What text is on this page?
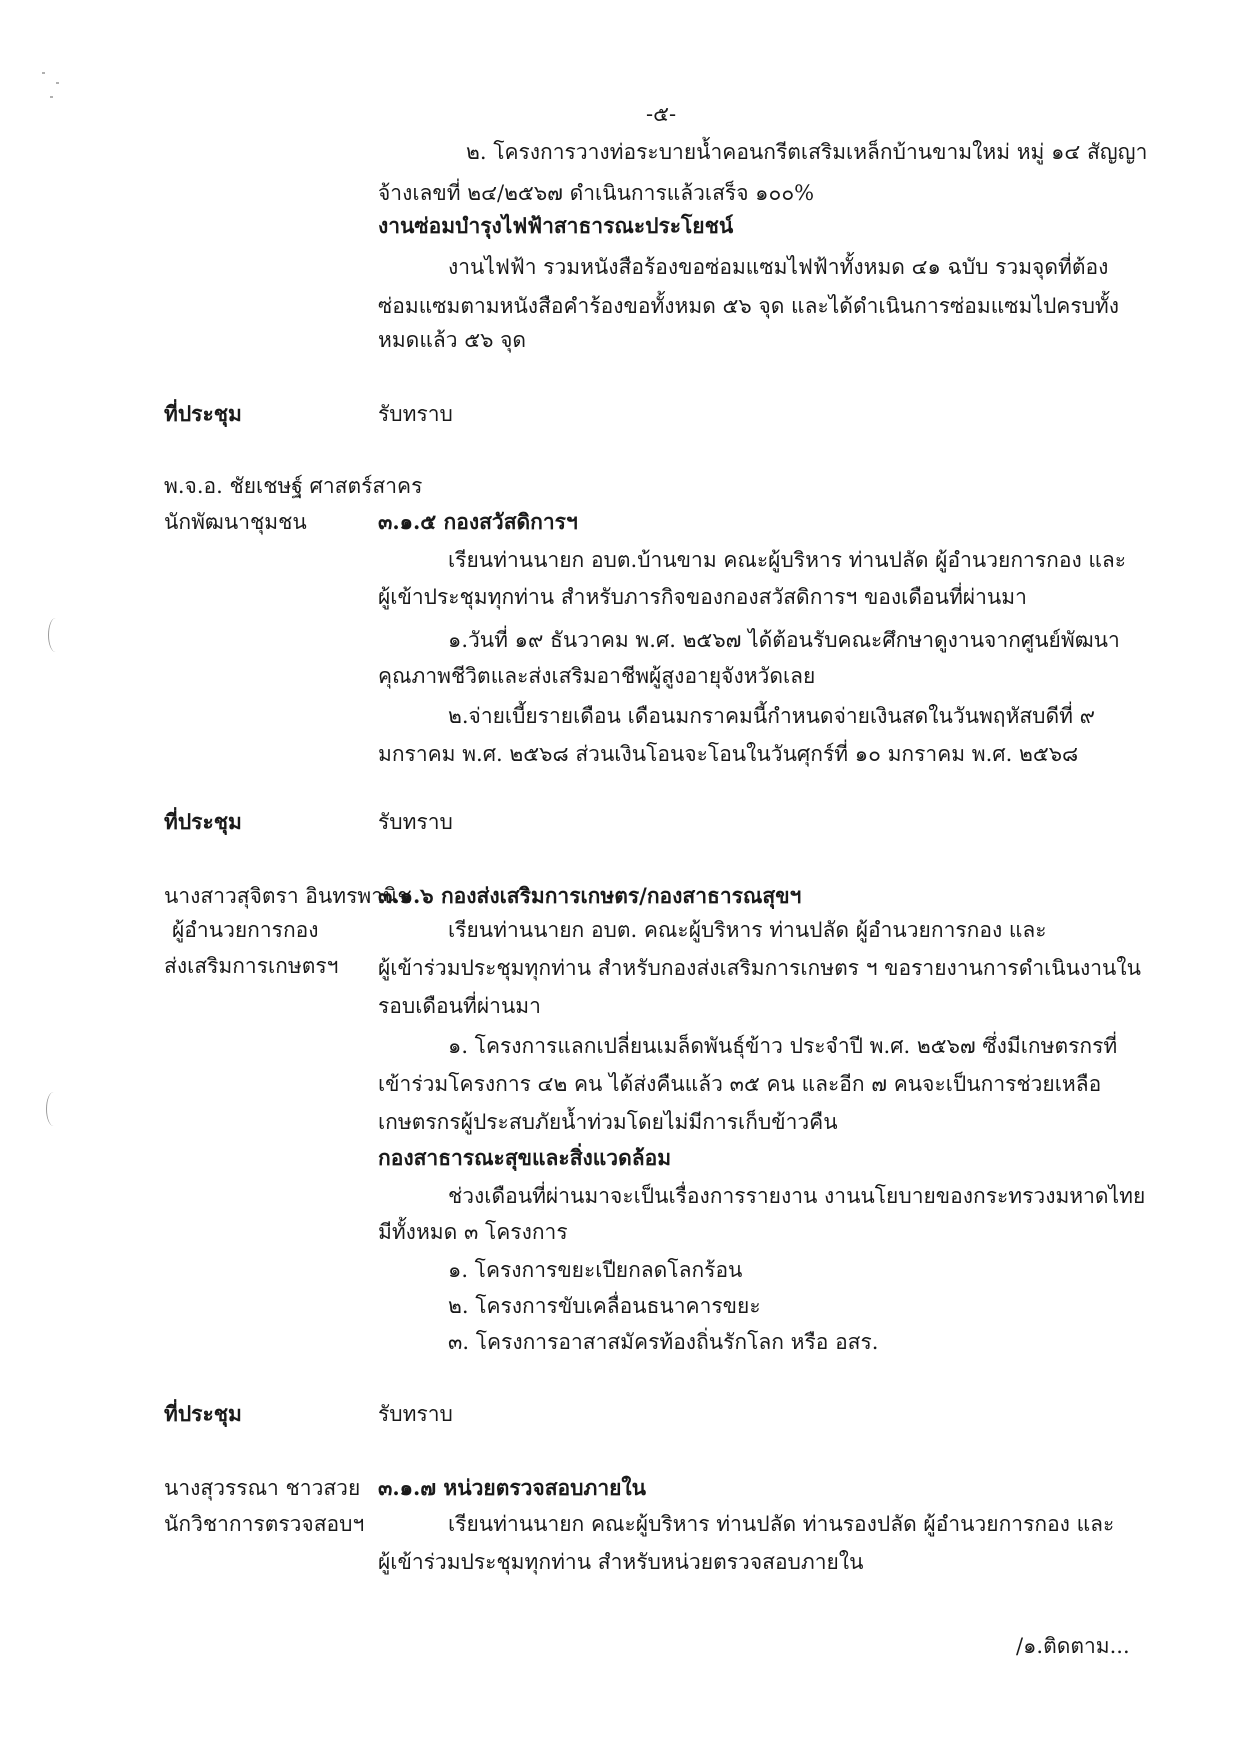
-๕-
๒. โครงการวางท่อระบายน้ำคอนกรีตเสริมเหล็กบ้านขามใหม่ หมู่ ๑๔ สัญญา
จ้างเลขที่ ๒๔/๒๕๖๗ ดำเนินการแล้วเสร็จ ๑๐๐%
งานซ่อมบำรุงไฟฟ้าสาธารณะประโยชน์
งานไฟฟ้า รวมหนังสือร้องขอซ่อมแซมไฟฟ้าทั้งหมด ๔๑ ฉบับ รวมจุดที่ต้อง
ซ่อมแซมตามหนังสือคำร้องขอทั้งหมด ๕๖ จุด และได้ดำเนินการซ่อมแซมไปครบทั้ง
หมดแล้ว ๕๖ จุด
ที่ประชุม	รับทราบ
พ.จ.อ. ชัยเชษฐ์ ศาสตร์สาคร
นักพัฒนาชุมชน	๓.๑.๕ กองสวัสดิการฯ
เรียนท่านนายก อบต.บ้านขาม คณะผู้บริหาร ท่านปลัด ผู้อำนวยการกอง และ
ผู้เข้าประชุมทุกท่าน สำหรับภารกิจของกองสวัสดิการฯ ของเดือนที่ผ่านมา
๑.วันที่ ๑๙ ธันวาคม พ.ศ. ๒๕๖๗ ได้ต้อนรับคณะศึกษาดูงานจากศูนย์พัฒนา
คุณภาพชีวิตและส่งเสริมอาชีพผู้สูงอายุจังหวัดเลย
๒.จ่ายเบี้ยรายเดือน เดือนมกราคมนี้กำหนดจ่ายเงินสดในวันพฤหัสบดีที่ ๙
มกราคม พ.ศ. ๒๕๖๘ ส่วนเงินโอนจะโอนในวันศุกร์ที่ ๑๐ มกราคม พ.ศ. ๒๕๖๘
ที่ประชุม	รับทราบ
นางสาวสุจิตรา อินทรพานิช
ผู้อำนวยการกอง
ส่งเสริมการเกษตรฯ
๓.๑.๖ กองส่งเสริมการเกษตร/กองสาธารณสุขฯ
เรียนท่านนายก อบต. คณะผู้บริหาร ท่านปลัด ผู้อำนวยการกอง และ
ผู้เข้าร่วมประชุมทุกท่าน สำหรับกองส่งเสริมการเกษตร ฯ ขอรายงานการดำเนินงานใน
รอบเดือนที่ผ่านมา
๑. โครงการแลกเปลี่ยนเมล็ดพันธุ์ข้าว ประจำปี พ.ศ. ๒๕๖๗ ซึ่งมีเกษตรกรที่
เข้าร่วมโครงการ ๔๒ คน ได้ส่งคืนแล้ว ๓๕ คน และอีก ๗ คนจะเป็นการช่วยเหลือ
เกษตรกรผู้ประสบภัยน้ำท่วมโดยไม่มีการเก็บข้าวคืน
กองสาธารณะสุขและสิ่งแวดล้อม
ช่วงเดือนที่ผ่านมาจะเป็นเรื่องการรายงาน งานนโยบายของกระทรวงมหาดไทย
มีทั้งหมด ๓ โครงการ
๑. โครงการขยะเปียกลดโลกร้อน
๒. โครงการขับเคลื่อนธนาคารขยะ
๓. โครงการอาสาสมัครท้องถิ่นรักโลก หรือ อสร.
ที่ประชุม	รับทราบ
นางสุวรรณา ชาวสวย
นักวิชาการตรวจสอบฯ
๓.๑.๗ หน่วยตรวจสอบภายใน
เรียนท่านนายก คณะผู้บริหาร ท่านปลัด ท่านรองปลัด ผู้อำนวยการกอง และ
ผู้เข้าร่วมประชุมทุกท่าน สำหรับหน่วยตรวจสอบภายใน
/๑.ติดตาม...
